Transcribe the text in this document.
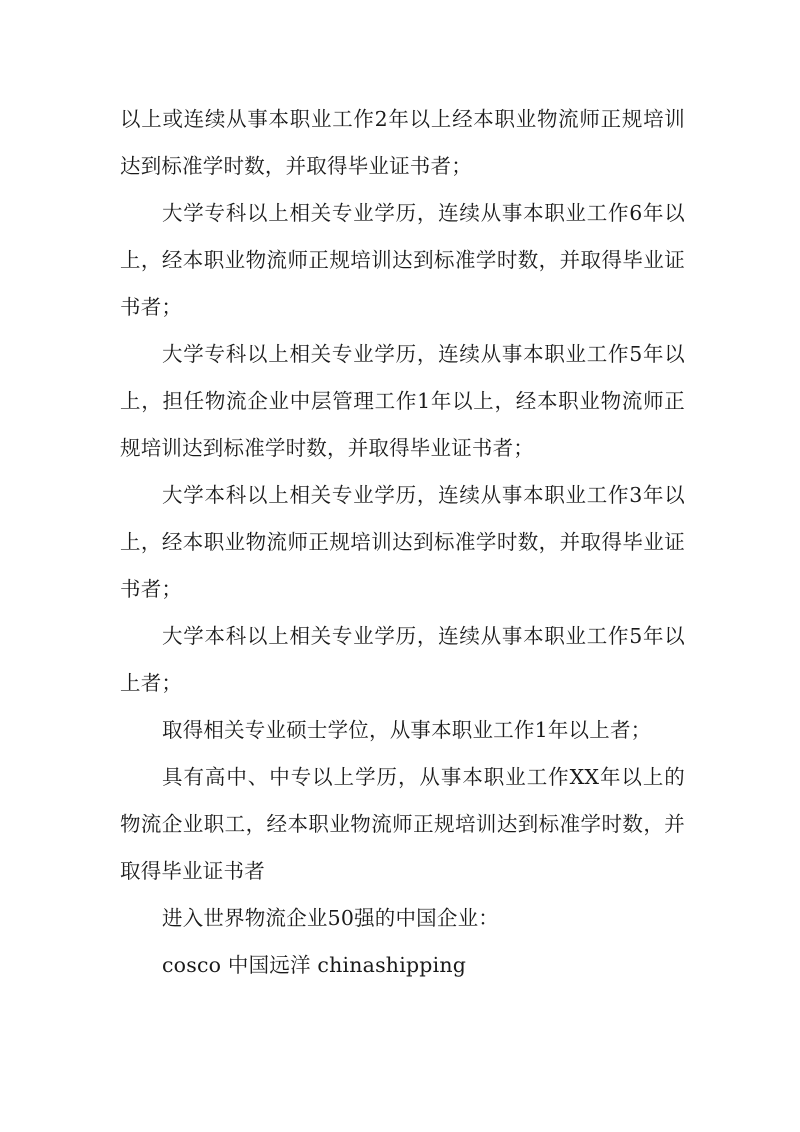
以上或连续从事本职业工作2年以上经本职业物流师正规培训达到标准学时数，并取得毕业证书者；

大学专科以上相关专业学历，连续从事本职业工作6年以上，经本职业物流师正规培训达到标准学时数，并取得毕业证书者；

大学专科以上相关专业学历，连续从事本职业工作5年以上，担任物流企业中层管理工作1年以上，经本职业物流师正规培训达到标准学时数，并取得毕业证书者；

大学本科以上相关专业学历，连续从事本职业工作3年以上，经本职业物流师正规培训达到标准学时数，并取得毕业证书者；

大学本科以上相关专业学历，连续从事本职业工作5年以上者；

取得相关专业硕士学位，从事本职业工作1年以上者；

具有高中、中专以上学历，从事本职业工作XX年以上的物流企业职工，经本职业物流师正规培训达到标准学时数，并取得毕业证书者

进入世界物流企业50强的中国企业：

cosco 中国远洋 chinashipping
